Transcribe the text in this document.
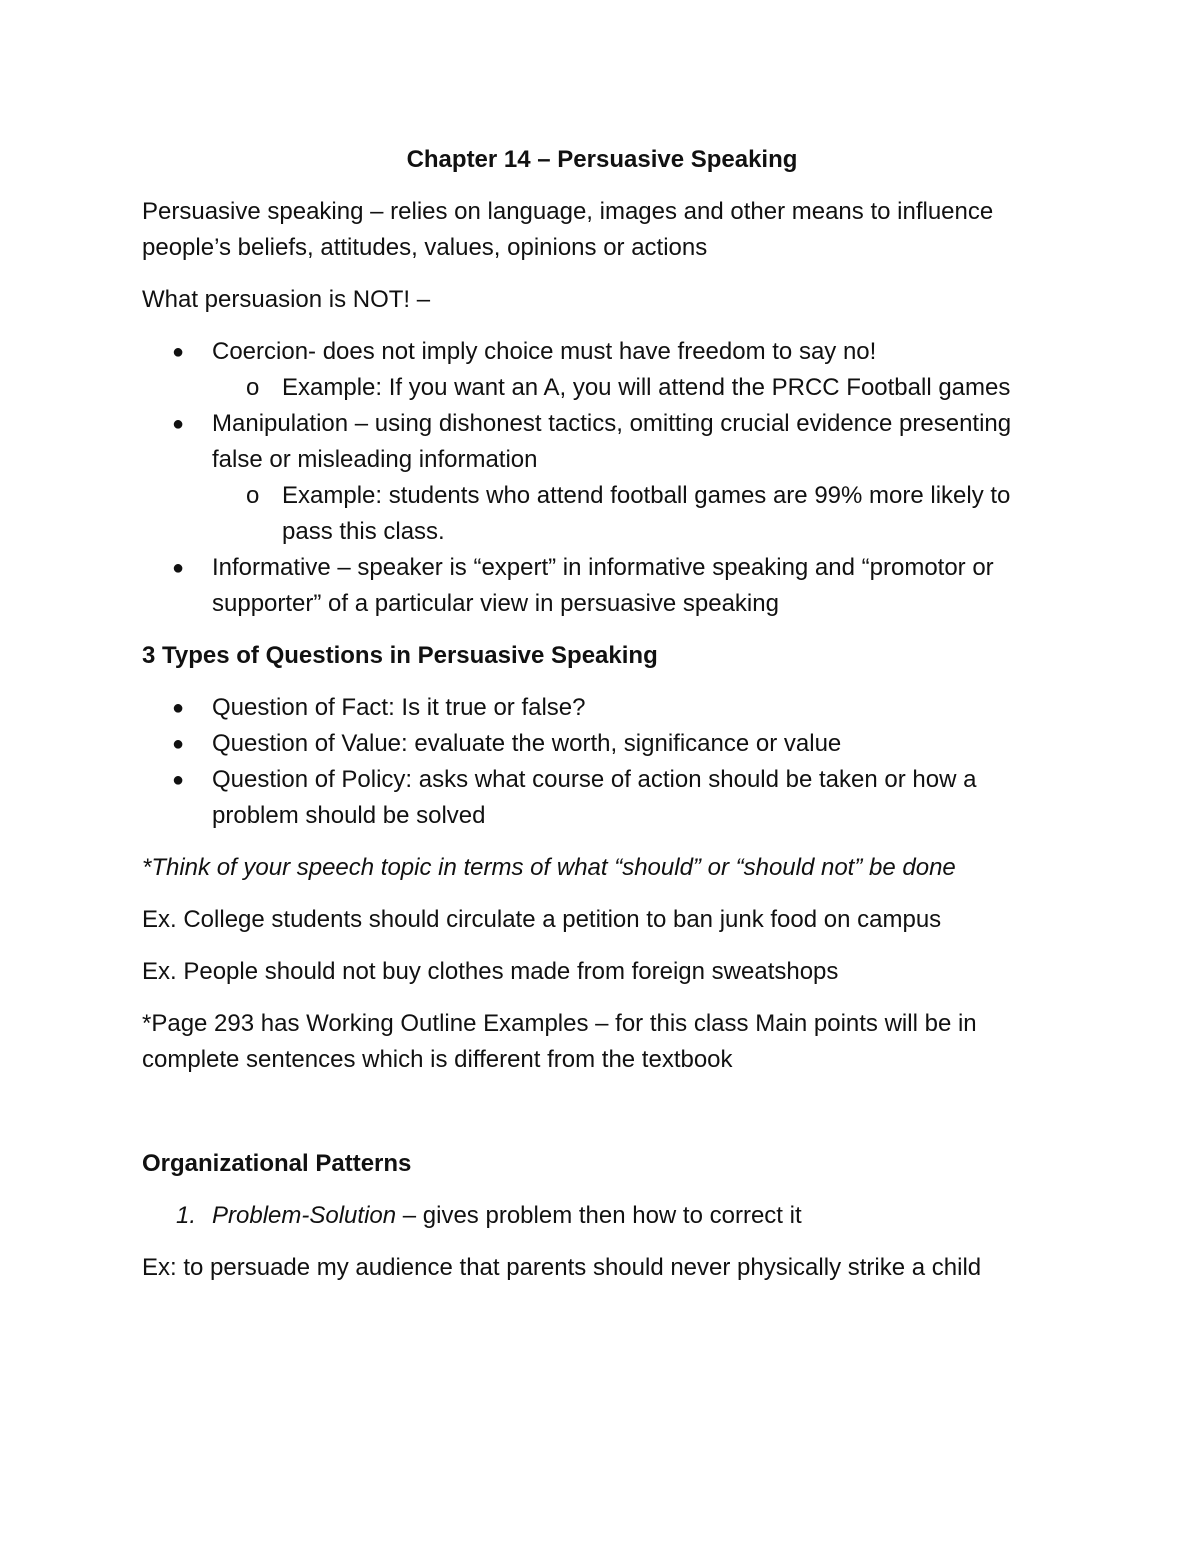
Chapter 14 – Persuasive Speaking
Persuasive speaking – relies on language, images and other means to influence people’s beliefs, attitudes, values, opinions or actions
What persuasion is NOT! –
● Coercion- does not imply choice must have freedom to say no!
o Example: If you want an A, you will attend the PRCC Football games
● Manipulation – using dishonest tactics, omitting crucial evidence presenting false or misleading information
o Example: students who attend football games are 99% more likely to pass this class.
● Informative – speaker is “expert” in informative speaking and “promotor or supporter” of a particular view in persuasive speaking
3 Types of Questions in Persuasive Speaking
● Question of Fact: Is it true or false?
● Question of Value: evaluate the worth, significance or value
● Question of Policy: asks what course of action should be taken or how a problem should be solved
*Think of your speech topic in terms of what “should” or “should not” be done
Ex. College students should circulate a petition to ban junk food on campus
Ex. People should not buy clothes made from foreign sweatshops
*Page 293 has Working Outline Examples – for this class Main points will be in complete sentences which is different from the textbook
Organizational Patterns
1. Problem-Solution – gives problem then how to correct it
Ex: to persuade my audience that parents should never physically strike a child
